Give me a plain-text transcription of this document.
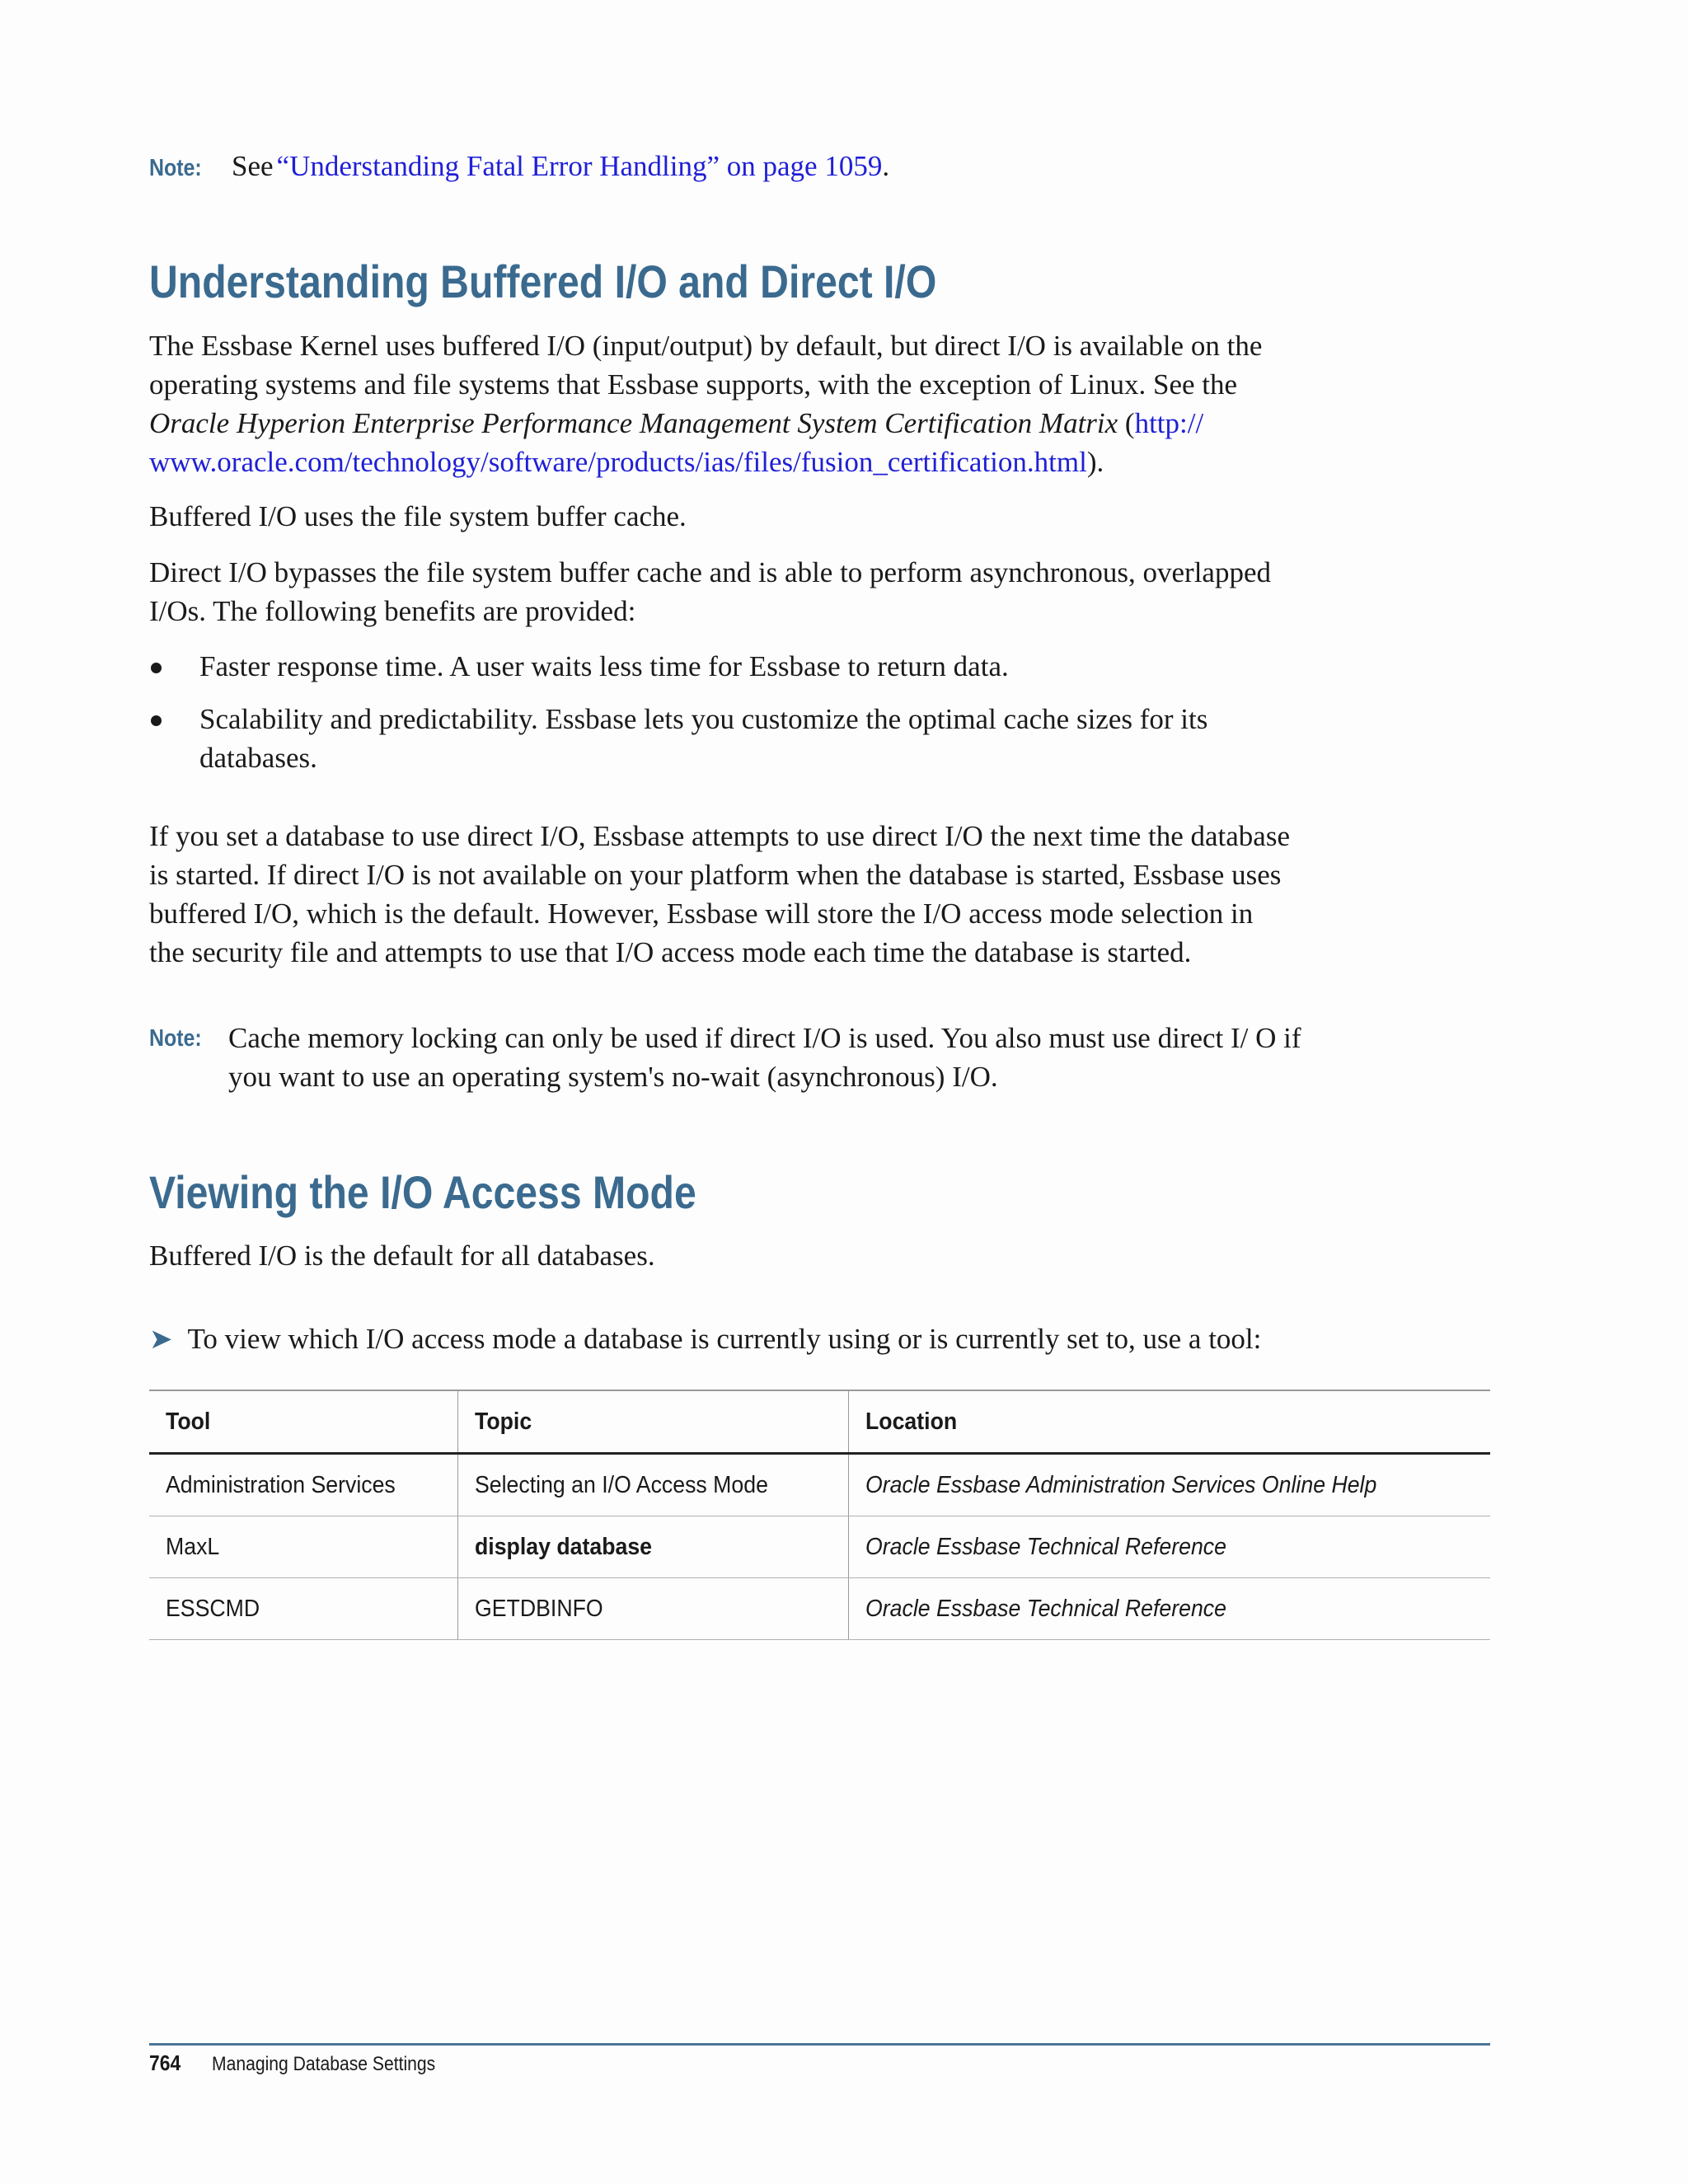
Note: See “Understanding Fatal Error Handling” on page 1059.
Understanding Buffered I/O and Direct I/O
The Essbase Kernel uses buffered I/O (input/output) by default, but direct I/O is available on the operating systems and file systems that Essbase supports, with the exception of Linux. See the Oracle Hyperion Enterprise Performance Management System Certification Matrix (http:// www.oracle.com/technology/software/products/ias/files/fusion_certification.html).
Buffered I/O uses the file system buffer cache.
Direct I/O bypasses the file system buffer cache and is able to perform asynchronous, overlapped I/Os. The following benefits are provided:
Faster response time. A user waits less time for Essbase to return data.
Scalability and predictability. Essbase lets you customize the optimal cache sizes for its databases.
If you set a database to use direct I/O, Essbase attempts to use direct I/O the next time the database is started. If direct I/O is not available on your platform when the database is started, Essbase uses buffered I/O, which is the default. However, Essbase will store the I/O access mode selection in the security file and attempts to use that I/O access mode each time the database is started.
Note: Cache memory locking can only be used if direct I/O is used. You also must use direct I/ O if you want to use an operating system's no-wait (asynchronous) I/O.
Viewing the I/O Access Mode
Buffered I/O is the default for all databases.
➤ To view which I/O access mode a database is currently using or is currently set to, use a tool:
Tool	Topic	Location
Administration Services	Selecting an I/O Access Mode	Oracle Essbase Administration Services Online Help
MaxL	display database	Oracle Essbase Technical Reference
ESSCMD	GETDBINFO	Oracle Essbase Technical Reference
764 Managing Database Settings
